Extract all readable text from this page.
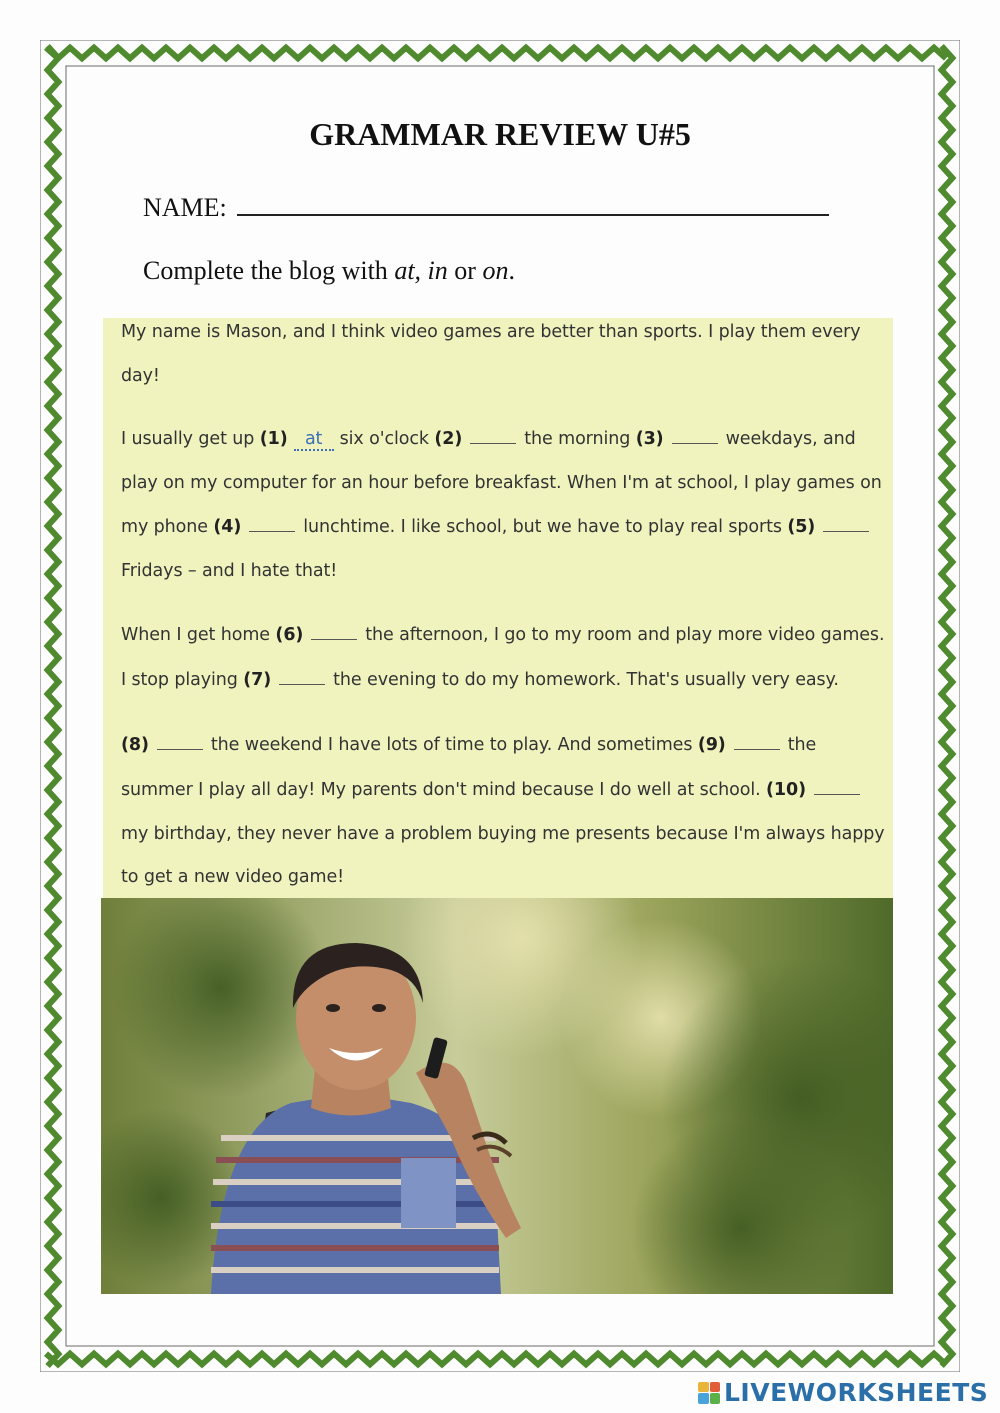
GRAMMAR REVIEW U#5
NAME:
Complete the blog with at, in or on.
My name is Mason, and I think video games are better than sports. I play them every
day!
I usually get up (1) at six o'clock (2)	the morning (3)	weekdays, and
play on my computer for an hour before breakfast. When I'm at school, I play games on
my phone (4)	lunchtime. I like school, but we have to play real sports (5)
Fridays – and I hate that!
When I get home (6)	the afternoon, I go to my room and play more video games.
I stop playing (7)	the evening to do my homework. That's usually very easy.
(8)	the weekend I have lots of time to play. And sometimes (9)	the
summer I play all day! My parents don't mind because I do well at school. (10)
my birthday, they never have a problem buying me presents because I'm always happy
to get a new video game!
LIVEWORKSHEETS
